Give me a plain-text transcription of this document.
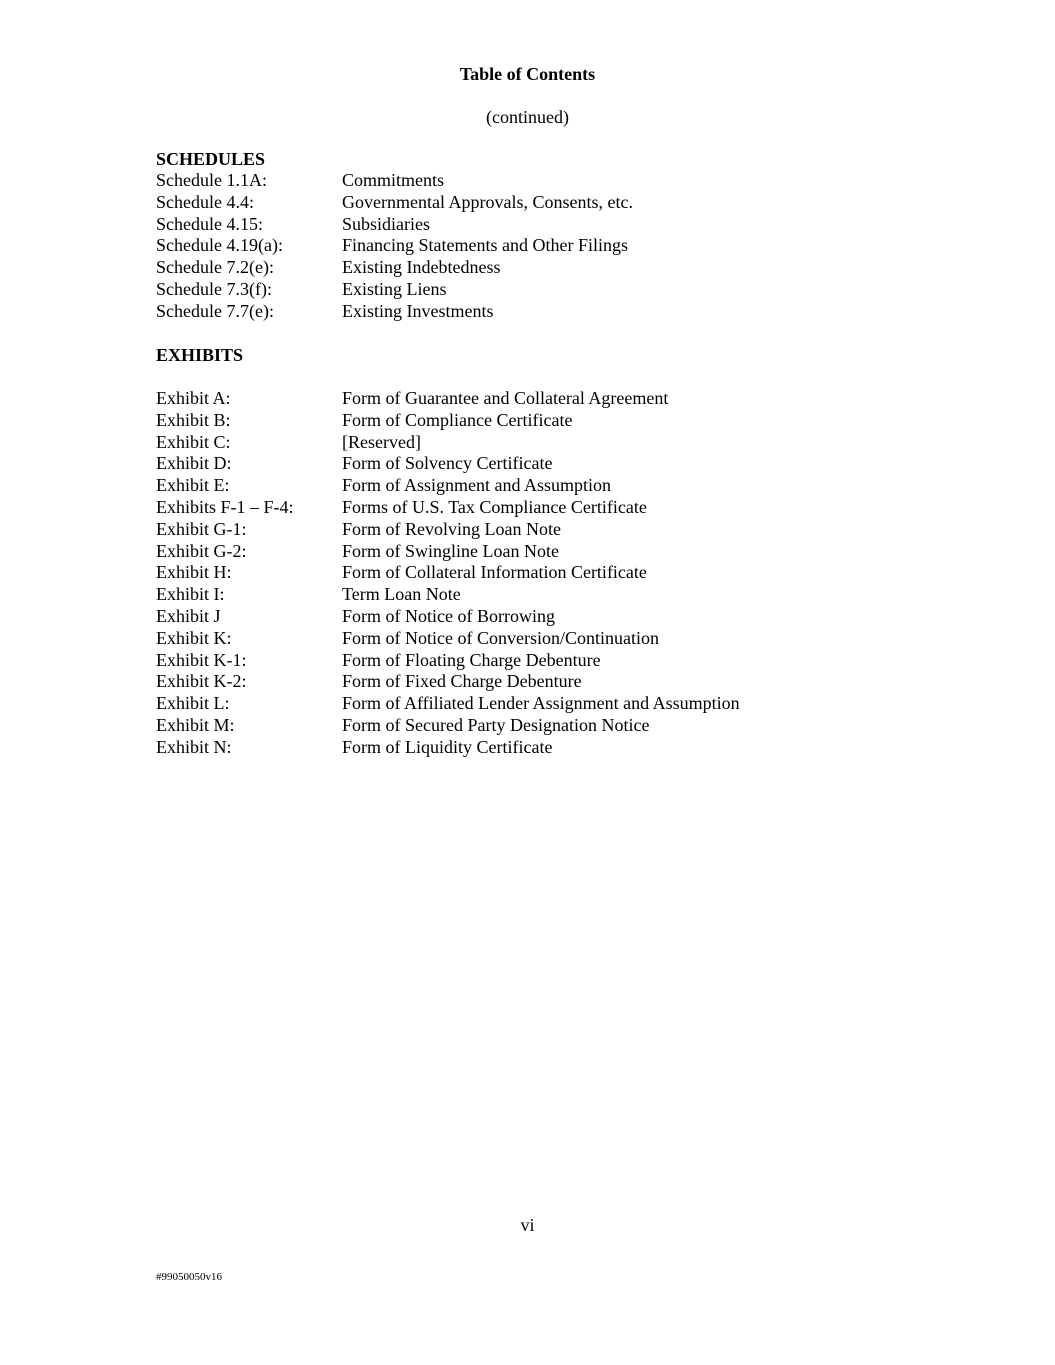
Table of Contents
(continued)
SCHEDULES
Schedule 1.1A:	Commitments
Schedule 4.4:	Governmental Approvals, Consents, etc.
Schedule 4.15:	Subsidiaries
Schedule 4.19(a):	Financing Statements and Other Filings
Schedule 7.2(e):	Existing Indebtedness
Schedule 7.3(f):	Existing Liens
Schedule 7.7(e):	Existing Investments
EXHIBITS
Exhibit A:	Form of Guarantee and Collateral Agreement
Exhibit B:	Form of Compliance Certificate
Exhibit C:	[Reserved]
Exhibit D:	Form of Solvency Certificate
Exhibit E:	Form of Assignment and Assumption
Exhibits F-1 – F-4:	Forms of U.S. Tax Compliance Certificate
Exhibit G-1:	Form of Revolving Loan Note
Exhibit G-2:	Form of Swingline Loan Note
Exhibit H:	Form of Collateral Information Certificate
Exhibit I:	Term Loan Note
Exhibit J	Form of Notice of Borrowing
Exhibit K:	Form of Notice of Conversion/Continuation
Exhibit K-1:	Form of Floating Charge Debenture
Exhibit K-2:	Form of Fixed Charge Debenture
Exhibit L:	Form of Affiliated Lender Assignment and Assumption
Exhibit M:	Form of Secured Party Designation Notice
Exhibit N:	Form of Liquidity Certificate
vi
#99050050v16
